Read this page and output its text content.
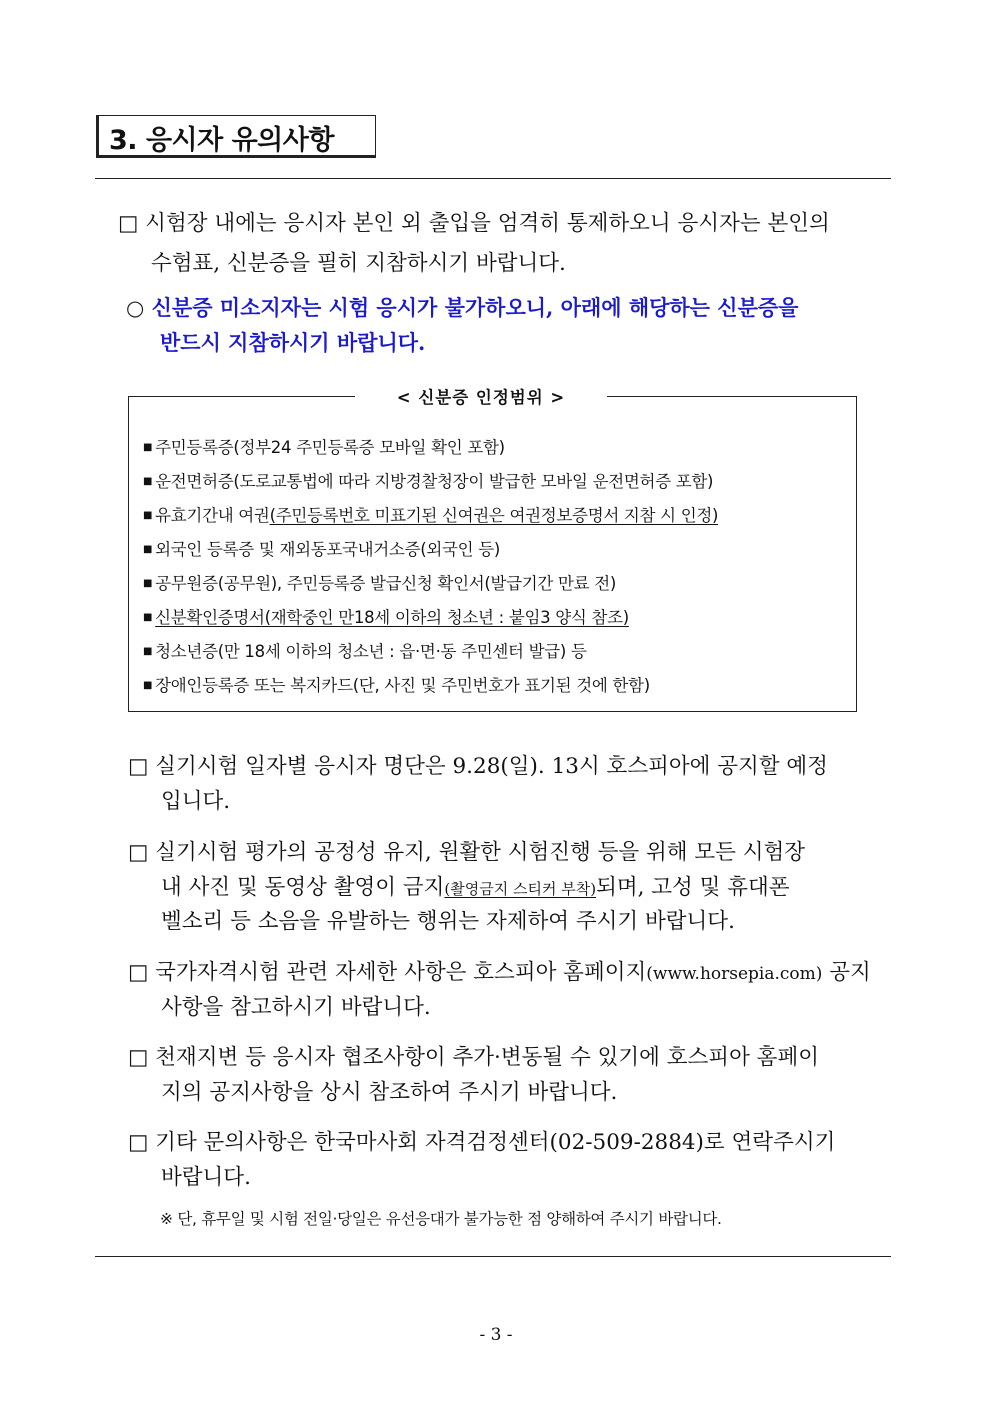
3. 응시자 유의사항
□ 시험장 내에는 응시자 본인 외 출입을 엄격히 통제하오니 응시자는 본인의
수험표, 신분증을 필히 지참하시기 바랍니다.
○ 신분증 미소지자는 시험 응시가 불가하오니, 아래에 해당하는 신분증을
반드시 지참하시기 바랍니다.
< 신분증 인정범위 >
■ 주민등록증(정부24 주민등록증 모바일 확인 포함)
■ 운전면허증(도로교통법에 따라 지방경찰청장이 발급한 모바일 운전면허증 포함)
■ 유효기간내 여권(주민등록번호 미표기된 신여권은 여권정보증명서 지참 시 인정)
■ 외국인 등록증 및 재외동포국내거소증(외국인 등)
■ 공무원증(공무원), 주민등록증 발급신청 확인서(발급기간 만료 전)
■ 신분확인증명서(재학중인 만18세 이하의 청소년 : 붙임3 양식 참조)
■ 청소년증(만 18세 이하의 청소년 : 읍·면·동 주민센터 발급) 등
■ 장애인등록증 또는 복지카드(단, 사진 및 주민번호가 표기된 것에 한함)
□ 실기시험 일자별 응시자 명단은 9.28(일). 13시 호스피아에 공지할 예정
입니다.
□ 실기시험 평가의 공정성 유지, 원활한 시험진행 등을 위해 모든 시험장
내 사진 및 동영상 촬영이 금지(촬영금지 스티커 부착)되며, 고성 및 휴대폰
벨소리 등 소음을 유발하는 행위는 자제하여 주시기 바랍니다.
□ 국가자격시험 관련 자세한 사항은 호스피아 홈페이지(www.horsepia.com) 공지
사항을 참고하시기 바랍니다.
□ 천재지변 등 응시자 협조사항이 추가·변동될 수 있기에 호스피아 홈페이
지의 공지사항을 상시 참조하여 주시기 바랍니다.
□ 기타 문의사항은 한국마사회 자격검정센터(02-509-2884)로 연락주시기
바랍니다.
※ 단, 휴무일 및 시험 전일·당일은 유선응대가 불가능한 점 양해하여 주시기 바랍니다.
- 3 -
